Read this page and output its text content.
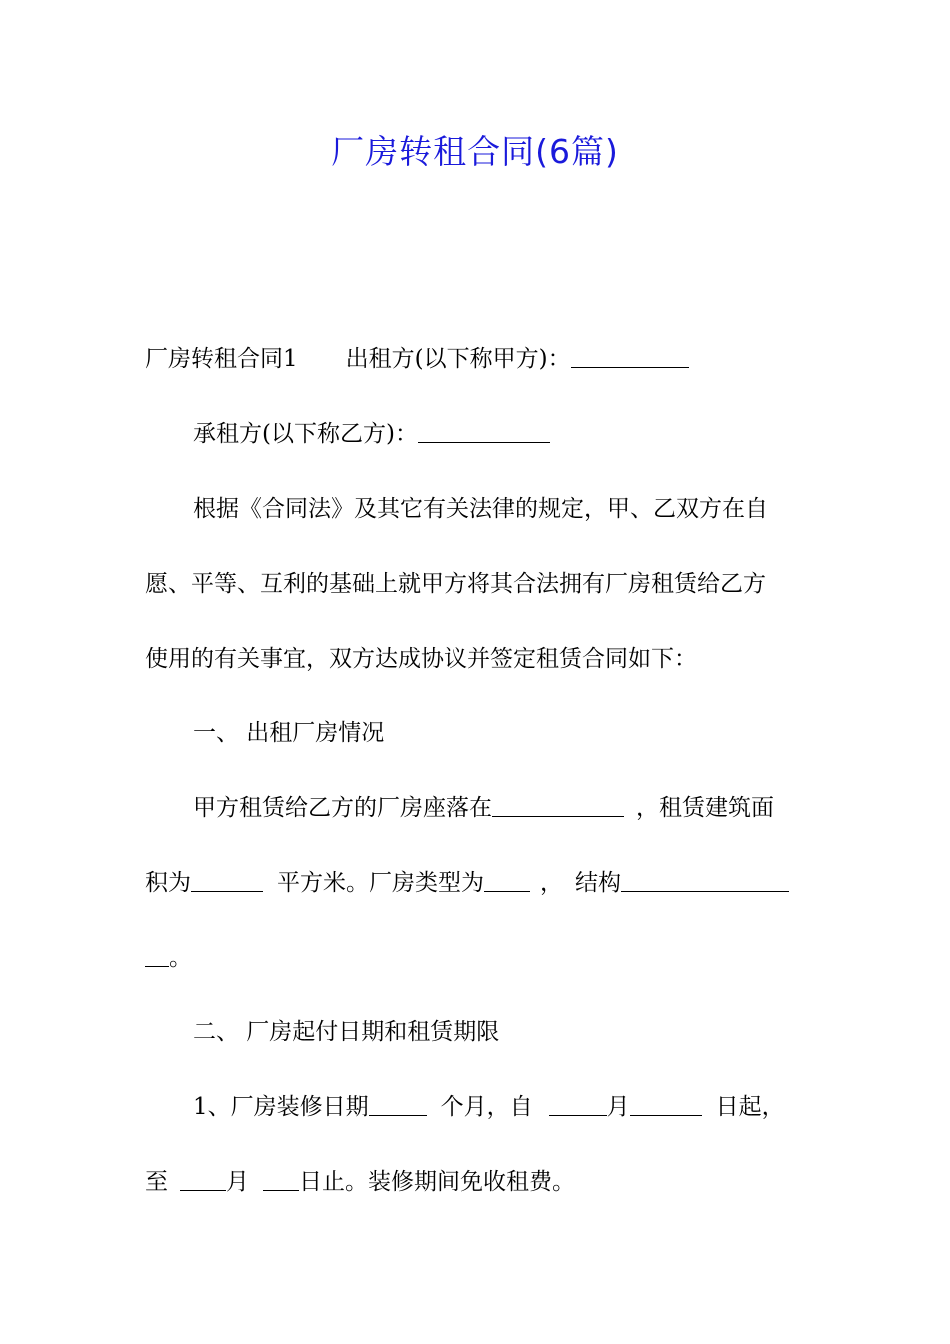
厂房转租合同(6篇)
厂房转租合同1 出租方(以下称甲方)：
承租方(以下称乙方)：
根据《合同法》及其它有关法律的规定，甲、乙双方在自
愿、平等、互利的基础上就甲方将其合法拥有厂房租赁给乙方
使用的有关事宜，双方达成协议并签定租赁合同如下：
一、 出租厂房情况
甲方租赁给乙方的厂房座落在	，租赁建筑面
积为	平方米。厂房类型为 ， 结构
。
二、 厂房起付日期和租赁期限
1、厂房装修日期	个月，自	月	日起，
至	月 日止。装修期间免收租费。
